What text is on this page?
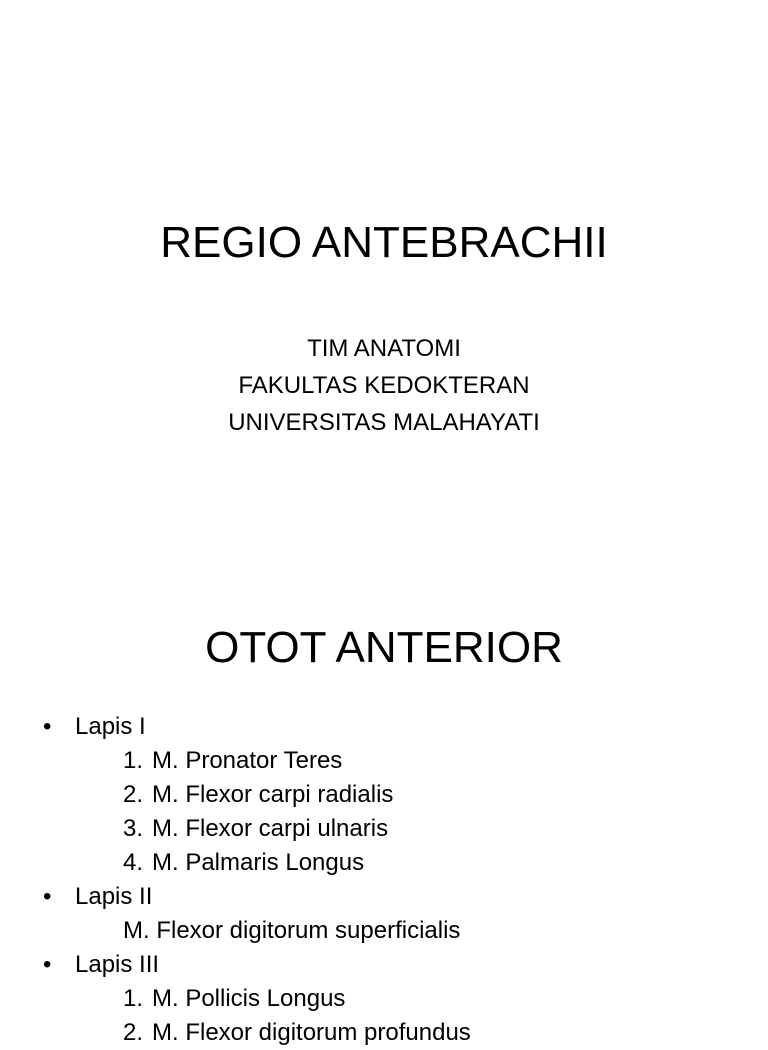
REGIO ANTEBRACHII
TIM ANATOMI
FAKULTAS KEDOKTERAN
UNIVERSITAS MALAHAYATI
OTOT ANTERIOR
• Lapis I
1. M. Pronator Teres
2. M. Flexor carpi radialis
3. M. Flexor carpi ulnaris
4. M. Palmaris Longus
• Lapis II
M. Flexor digitorum superficialis
• Lapis III
1. M. Pollicis Longus
2. M. Flexor digitorum profundus
